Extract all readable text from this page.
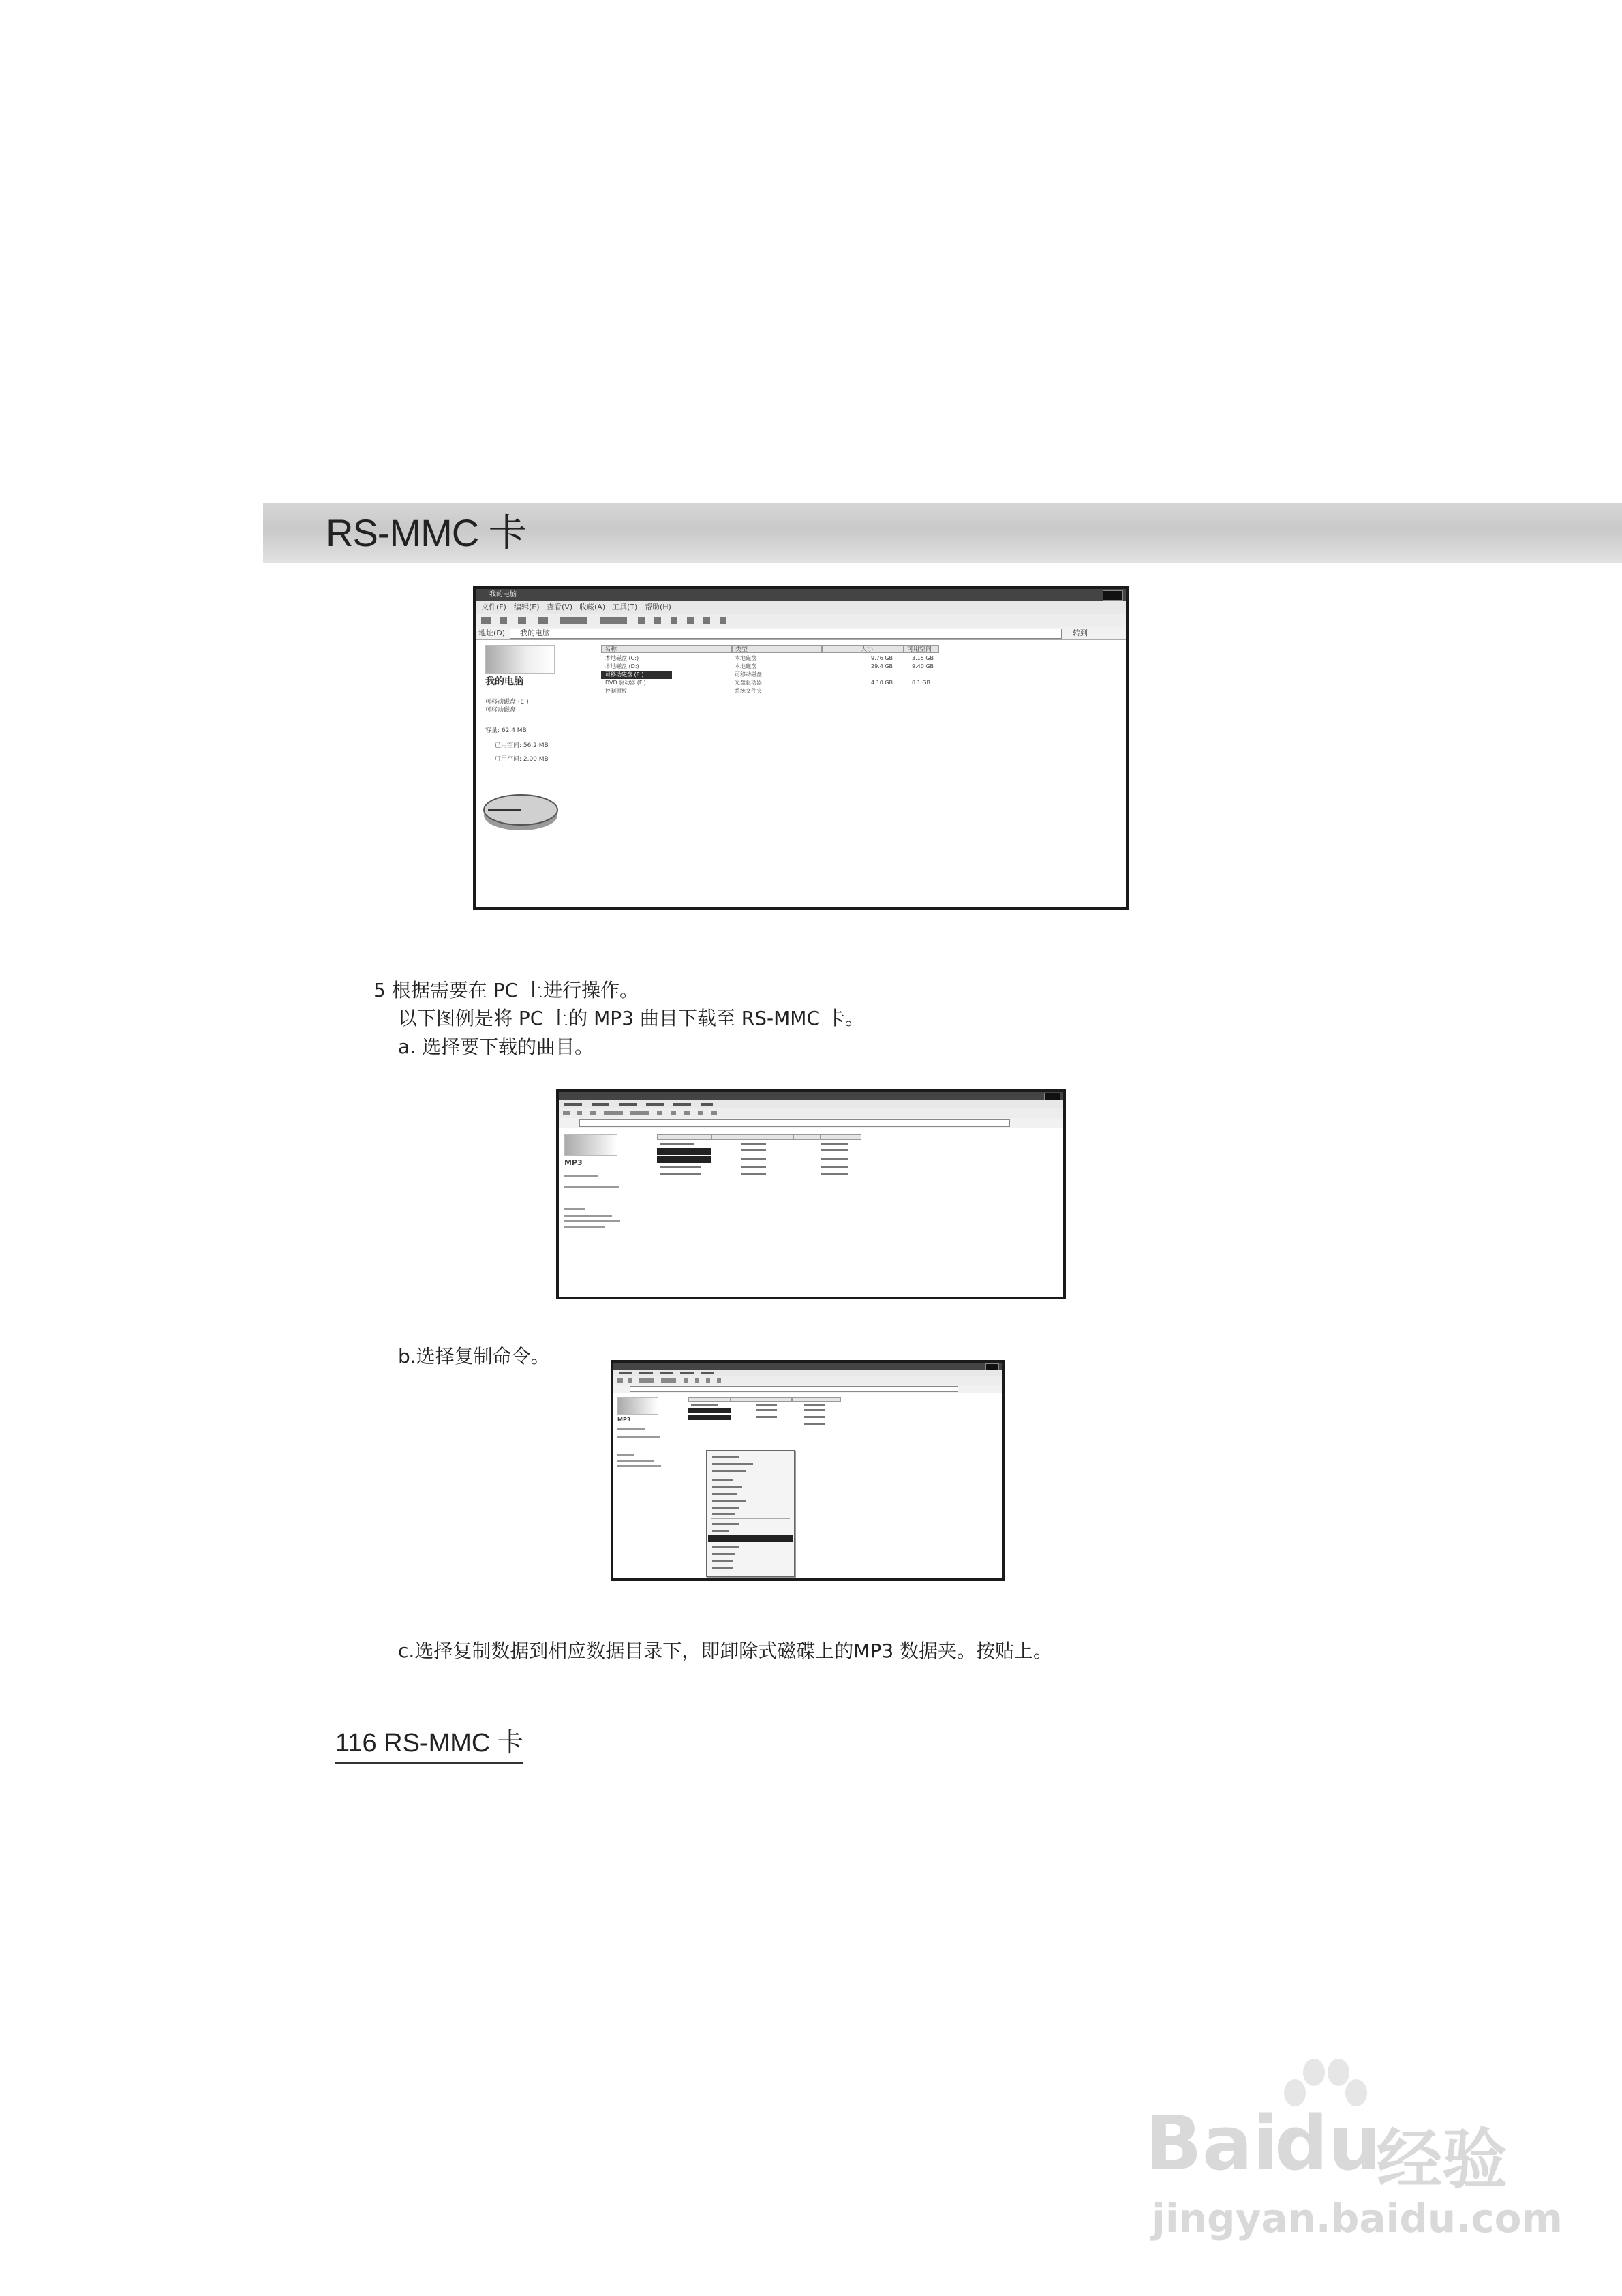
RS-MMC 卡
我的电脑
文件(F) 编辑(E) 查看(V) 收藏(A) 工具(T) 帮助(H)
地址(D) 我的电脑	转到
我的电脑
可移动磁盘 (E:)
可移动磁盘
容量: 62.4 MB
已用空间: 56.2 MB
可用空间: 2.00 MB
名称	类型	大小	可用空间
本地磁盘 (C:)	本地磁盘	9.76 GB	3.15 GB
本地磁盘 (D:)	本地磁盘	29.4 GB	9.40 GB
可移动磁盘 (E:)	可移动磁盘
DVD 驱动器 (F:)	光盘驱动器	4.10 GB	0.1 GB
控制面板	系统文件夹
5 根据需要在 PC 上进行操作。
以下图例是将 PC 上的 MP3 曲目下载至 RS-MMC 卡。
a. 选择要下载的曲目。
MP3
b.选择复制命令。
MP3
c.选择复制数据到相应数据目录下，即卸除式磁碟上的MP3 数据夹。按贴上。
116 RS-MMC 卡
Bai
du
经验
jingyan.baidu.com
